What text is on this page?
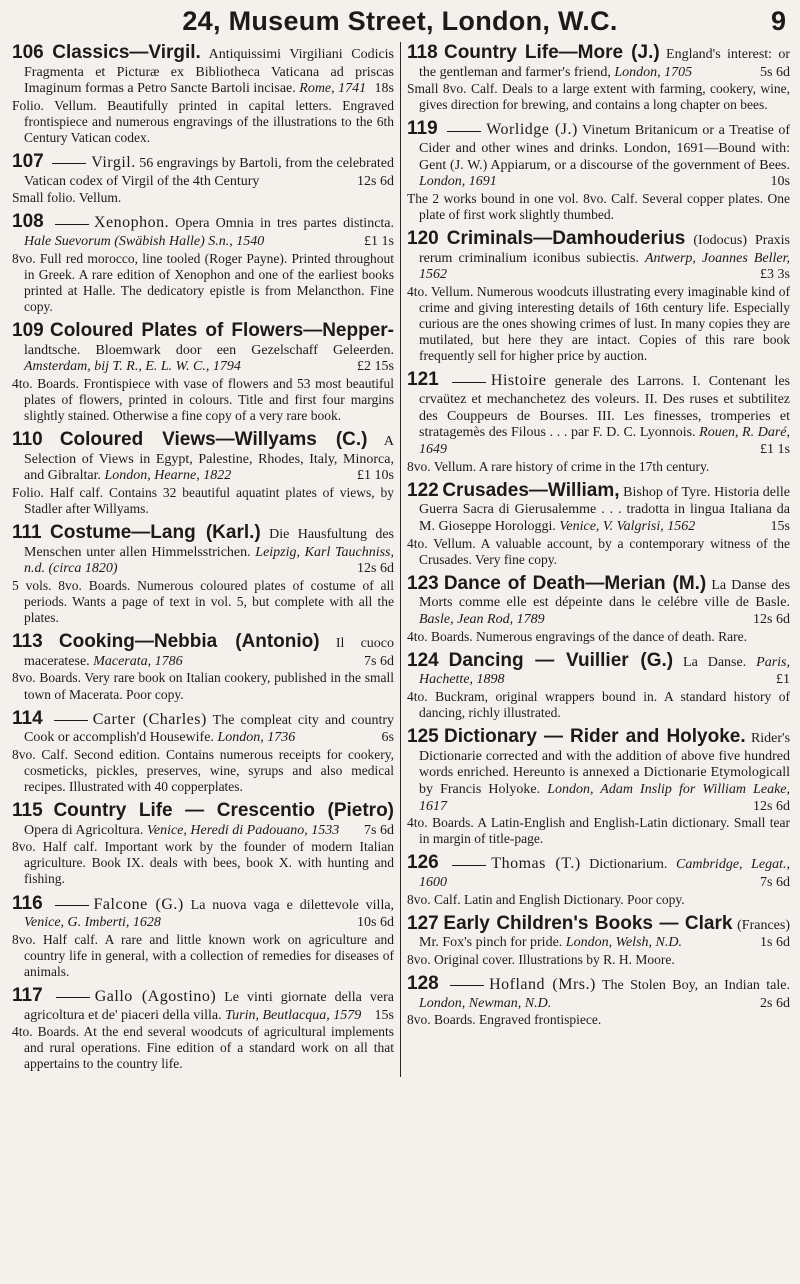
24, Museum Street, London, W.C.	9

106 Classics—Virgil. Antiquissimi Virgiliani Codicis Fragmenta et Picturæ ex Bibliotheca Vaticana ad priscas Imaginum formas a Petro Sancte Bartoli incisae. Rome, 1741 18s
Folio. Vellum. Beautifully printed in capital letters. Engraved frontispiece and numerous engravings of the illustrations to the 6th Century Vatican codex.

107	Virgil. 56 engravings by Bartoli, from the celebrated Vatican codex of Virgil of the 4th Century	12s 6d
Small folio. Vellum.

108	Xenophon. Opera Omnia in tres partes distincta. Hale Suevorum (Swäbish Halle) S.n., 1540	£1 1s
8vo. Full red morocco, line tooled (Roger Payne). Printed throughout in Greek. A rare edition of Xenophon and one of the earliest books printed at Halle. The dedicatory epistle is from Melancthon. Fine copy.

109 Coloured Plates of Flowers—Nepper- landtsche. Bloemwark door een Gezelschaff Geleerden. Amsterdam, bij T. R., E. L. W. C., 1794	£2 15s
4to. Boards. Frontispiece with vase of flowers and 53 most beautiful plates of flowers, printed in colours. Title and first four margins slightly stained. Otherwise a fine copy of a very rare book.

110 Coloured Views—Willyams (C.) A Selection of Views in Egypt, Palestine, Rhodes, Italy, Minorca, and Gibraltar. London, Hearne, 1822	£1 10s
Folio. Half calf. Contains 32 beautiful aquatint plates of views, by Stadler after Willyams.

111 Costume—Lang (Karl.) Die Hausfultung des Menschen unter allen Himmelsstrichen. Leipzig, Karl Tauchniss, n.d. (circa 1820)	12s 6d
5 vols. 8vo. Boards. Numerous coloured plates of costume of all periods. Wants a page of text in vol. 5, but complete with all the plates.

113 Cooking—Nebbia (Antonio) Il cuoco maceratese. Macerata, 1786	7s 6d
8vo. Boards. Very rare book on Italian cookery, published in the small town of Macerata. Poor copy.

114	Carter (Charles) The compleat city and country Cook or accomplish'd Housewife. London, 1736	6s
8vo. Calf. Second edition. Contains numerous receipts for cookery, cosmeticks, pickles, preserves, wine, syrups and also medical recipes. Illustrated with 40 copperplates.

115 Country Life — Crescentio (Pietro) Opera di Agricoltura. Venice, Heredi di Padouano, 1533	7s 6d
8vo. Half calf. Important work by the founder of modern Italian agriculture. Book IX. deals with bees, book X. with hunting and fishing.

116	Falcone (G.) La nuova vaga e dilettevole villa, Venice, G. Imberti, 1628	10s 6d
8vo. Half calf. A rare and little known work on agriculture and country life in general, with a collection of remedies for diseases of animals.

117	Gallo (Agostino) Le vinti giornate della vera agricoltura et de' piaceri della villa. Turin, Beutlacqua, 1579 15s
4to. Boards. At the end several woodcuts of agricultural implements and rural operations. Fine edition of a standard work on all that appertains to the country life.

118 Country Life—More (J.) England's interest: or the gentleman and farmer's friend, London, 1705	5s 6d
Small 8vo. Calf. Deals to a large extent with farming, cookery, wine, gives direction for brewing, and contains a long chapter on bees.

119	Worlidge (J.) Vinetum Britanicum or a Treatise of Cider and other wines and drinks. London, 1691—Bound with: Gent (J. W.) Appiarum, or a discourse of the government of Bees. London, 1691	10s
The 2 works bound in one vol. 8vo. Calf. Several copper plates. One plate of first work slightly thumbed.

120 Criminals—Damhouderius (Iodocus) Praxis rerum criminalium iconibus subiectis. Antwerp, Joannes Beller, 1562	£3 3s
4to. Vellum. Numerous woodcuts illustrating every imaginable kind of crime and giving interesting details of 16th century life. Especially curious are the ones showing crimes of lust. In many copies they are mutilated, but here they are intact. Copies of this rare book frequently sell for higher price by auction.

121	Histoire generale des Larrons. I. Contenant les crvaütez et mechanchetez des voleurs. II. Des ruses et subtilitez des Couppeurs de Bourses. III. Les finesses, tromperies et stratagemès des Filous . . . par F. D. C. Lyonnois. Rouen, R. Daré, 1649	£1 1s
8vo. Vellum. A rare history of crime in the 17th century.

122 Crusades—William, Bishop of Tyre. Historia delle Guerra Sacra di Gierusalemme . . . tradotta in lingua Italiana da M. Gioseppe Horologgi. Venice, V. Valgrisi, 1562	15s
4to. Vellum. A valuable account, by a contemporary witness of the Crusades. Very fine copy.

123 Dance of Death—Merian (M.) La Danse des Morts comme elle est dépeinte dans le celébre ville de Basle. Basle, Jean Rod, 1789	12s 6d
4to. Boards. Numerous engravings of the dance of death. Rare.

124 Dancing — Vuillier (G.) La Danse. Paris, Hachette, 1898	£1
4to. Buckram, original wrappers bound in. A standard history of dancing, richly illustrated.

125 Dictionary — Rider and Holyoke. Rider's Dictionarie corrected and with the addition of above five hundred words enriched. Hereunto is annexed a Dictionarie Etymologicall by Francis Holyoke. London, Adam Inslip for William Leake, 1617	12s 6d
4to. Boards. A Latin-English and English-Latin dictionary. Small tear in margin of title-page.

126	Thomas (T.) Dictionarium. Cambridge, Legat., 1600	7s 6d
8vo. Calf. Latin and English Dictionary. Poor copy.

127 Early Children's Books — Clark (Frances) Mr. Fox's pinch for pride. London, Welsh, N.D.	1s 6d
8vo. Original cover. Illustrations by R. H. Moore.

128	Hofland (Mrs.) The Stolen Boy, an Indian tale. London, Newman, N.D.	2s 6d
8vo. Boards. Engraved frontispiece.
